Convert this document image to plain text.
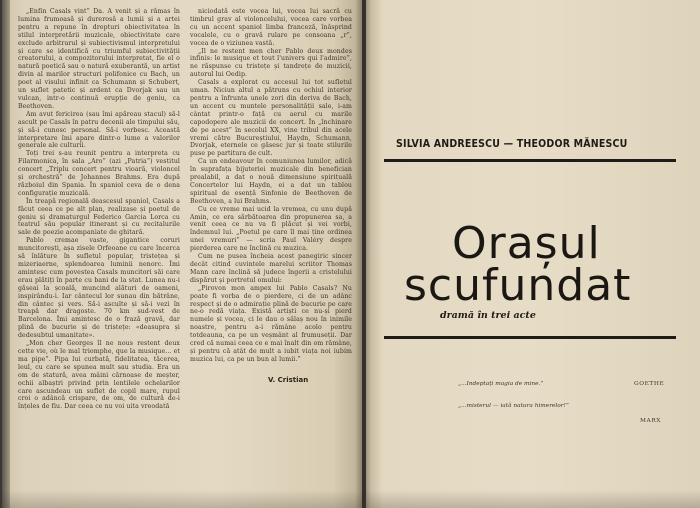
„Enfin Casals vint” Da. A venit și a rămas în lumina frumoasă și durerosă a lumii și a artei pentru a repune în drepturi obiectivitatea în stilul interpretării muzicale, obiectivitate care exclude arbitrarul și subiectivismul interpretului și care se identifică cu triumful subiectivității creatorului, a compozitorului interpretat, fie el o natură poetică sau o natură exuberantă, un artist divin al marilor structuri polifonice cu Bach, un poet al visului infinit ca Schumann și Schubert, un suflet patetic și ardent ca Dvorjak sau un vulcan, intr-o continuă erupție de geniu, ca Beethoven.

Am avut fericirea (sau îmi apăreau stacul) să-l ascult pe Casals în patru decenii ale timpului său, și să-i cunosc personal. Să-i vorbesc. Această interpretare îmi apare dintr-o lume a valorilor generale ale culturii.

Toți trei s-au reunit pentru a interpreta cu Filarmonica, în sala „Aro” (azi „Patria”) vestitul concert „Triplu concert pentru vioară, violoncel și orchestră” de Johannes Brahms. Era după războiul din Spania. În spaniol ceva de o dena configurație muzicală.

În treapă regională deascesul spaniol, Casals a făcut ceea ce pe alt plan, realizase și poetul de geniu și dramaturgul Federico Garcia Lorca cu teatrul său popular itinerant și cu recitalurile sale de poezie acompaniate de ghitară.

Pablo cremae vaste, gigantice coruri muncitorești, așa zisele Orfeoane cu care încerca să înlăture în sufletul popular, tristețea și mizeriaerne, splendoarea luminii nenorc. Îmi amintesc cum povestea Casals muncitori săi care erau plătiți în parte cu bani de la stat. Lunea nu-i găseai la școală, muncind alături de oameni, inspirându-i. Iar cântecul lor sunau din bătrâne, din cântec și vers. Să-i asculte și să-i vezi în treapă dar dragoste. 70 km sud-vest de Barcelona. Îmi amintesc de o frază gravă, dar plină de bucurie și de tristețe: «deasupra și dedesubtul umanitate».

„Mon cher Georges îl ne nous restent deux cette vie, où le mal triomphe, que la musique... et ma pipe”. Pipa lui curbată, fidelitatea, tăcerea, leul, cu care se spunea mult sau studia. Era un om de statură, avea mâini cărnoase de meșter, ochii albaștri privind prin lentilele ochelarilor care ascundeau un suflet de copil mare, rupul croi o adâncă crispare, de om, de cultură de-i înțeles de fiu. Dar ceea ce nu voi uita vreodată

niciodată este vocea lui, vocea lui sacră cu timbrul grav al violoncelului, vocea care vorbea cu un accent spaniol limba franceză, înăsprind vocalele, cu o gravă rulare pe consoana „r”, vocea de o viziunea vastă.

„Il ne restent men cher Pablo deux mondes infinis: le musique et tout l'univers qui l'admire”, ne răspunse cu tristețe și tandrețe de muzicii, autorul lui Oedip.

Casals a explorat cu accesul lui tot sufletul uman. Niciun altul a pătruns cu ochiul interior pentru a înfrunta unele zori din deriva de Bach, un accent cu muntele personalității sale, i-am cântat printr-o față cu aerul cu marile capodopere ale muzicii de concert. În „închinare de pe acest” în secolul XX, vine tribul din acele vremi către Bucureștiului, Haydn, Schumann, Dvorjak, eternele ce găsesc jur și toate stilurile puse pe partitura de cult.

Ca un endeavour în comuniunea lumilor, adică în suprafața bijuteriei muzicale din benefician prealabil, a dat o nouă dimensiune spirituală Concertelor lui Haydn, ei a dat un tablou spiritual de esență Sinfonie de Beethoven de Beethoven, a lui Brahms.

Cu ce vreme mai ucid la vremea, cu unu după Amin, ce era sărbătoarea din propunerea sa, a venit ceea ce nu va fi plăcut și vei vorbi, îndemnul lui. „Poetul pe care îl mai ține ordinea unei vremuri” — scria Paul Valéry despre pierderea care ne înclină cu muzica.

Cum ne pusea încheia acest panegiric sincer decât citind cuvintele marelui scriitor Thomas Mann care înclină să judece îngerii a cristelului dispărut și portretul omului:

„Pirovon mon ampex lui Pablo Casals? Nu poate fi vorba de o pierdere, ci de un adânc respect și de o admirație plină de bucurie pe care ne-o redă viața. Există artiști ce nu-și pierd numele și vocea, ci le dau o sălaș nou în inimile noastre, pentru a-i rămâne acolo pentru totdeauna, ca pe un veșmânt al frumuseții. Dar cred că numai ceea ce e mai înalt din om rămâne, și pentru că atât de mult a iubit viața noi iubim muzica lui, ca pe un bun al lumii.”

V. Cristian
SILVIA ANDREESCU — THEODOR MĂNESCU
Orașul
scufundat
dramă în trei acte
„...Indeptați magia de mine.”	GOETHE
„...misterul — iată natura himerelor!”
MARX
